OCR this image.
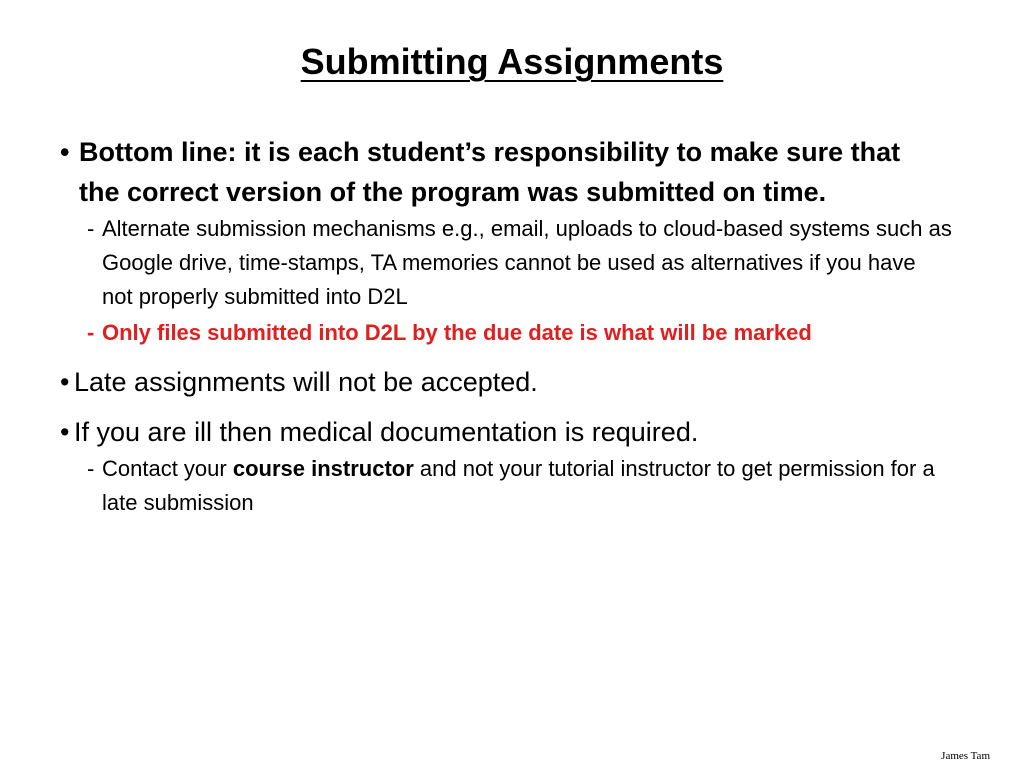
Submitting Assignments
• Bottom line: it is each student’s responsibility to make sure that the correct version of the program was submitted on time.
- Alternate submission mechanisms e.g., email, uploads to cloud-based systems such as Google drive, time-stamps, TA memories cannot be used as alternatives if you have not properly submitted into D2L
- Only files submitted into D2L by the due date is what will be marked
• Late assignments will not be accepted.
• If you are ill then medical documentation is required.
- Contact your course instructor and not your tutorial instructor to get permission for a late submission
James Tam
